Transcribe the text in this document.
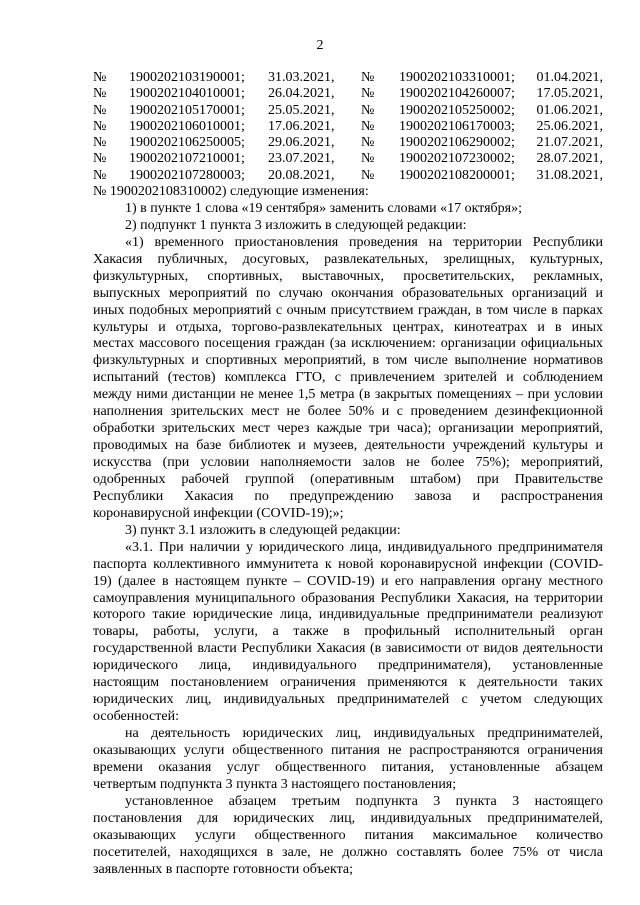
2
№ 1900202103190001; 31.03.2021, № 1900202103310001; 01.04.2021,
№ 1900202104010001; 26.04.2021, № 1900202104260007; 17.05.2021,
№ 1900202105170001; 25.05.2021, № 1900202105250002; 01.06.2021,
№ 1900202106010001; 17.06.2021, № 1900202106170003; 25.06.2021,
№ 1900202106250005; 29.06.2021, № 1900202106290002; 21.07.2021,
№ 1900202107210001; 23.07.2021, № 1900202107230002; 28.07.2021,
№ 1900202107280003; 20.08.2021, № 1900202108200001; 31.08.2021,
№ 1900202108310002) следующие изменения:
1) в пункте 1 слова «19 сентября» заменить словами «17 октября»;
2) подпункт 1 пункта 3 изложить в следующей редакции:
«1) временного приостановления проведения на территории Республики
Хакасия публичных, досуговых, развлекательных, зрелищных, культурных,
физкультурных, спортивных, выставочных, просветительских, рекламных,
выпускных мероприятий по случаю окончания образовательных организаций и
иных подобных мероприятий с очным присутствием граждан, в том числе в парках
культуры и отдыха, торгово-развлекательных центрах, кинотеатрах и в иных
местах массового посещения граждан (за исключением: организации официальных
физкультурных и спортивных мероприятий, в том числе выполнение нормативов
испытаний (тестов) комплекса ГТО, с привлечением зрителей и соблюдением
между ними дистанции не менее 1,5 метра (в закрытых помещениях – при условии
наполнения зрительских мест не более 50% и с проведением дезинфекционной
обработки зрительских мест через каждые три часа); организации мероприятий,
проводимых на базе библиотек и музеев, деятельности учреждений культуры и
искусства (при условии наполняемости залов не более 75%); мероприятий,
одобренных рабочей группой (оперативным штабом) при Правительстве
Республики Хакасия по предупреждению завоза и распространения
коронавирусной инфекции (COVID-19);»;
3) пункт 3.1 изложить в следующей редакции:
«3.1. При наличии у юридического лица, индивидуального предпринимателя
паспорта коллективного иммунитета к новой коронавирусной инфекции (COVID-
19) (далее в настоящем пункте – COVID-19) и его направления органу местного
самоуправления муниципального образования Республики Хакасия, на территории
которого такие юридические лица, индивидуальные предприниматели реализуют
товары, работы, услуги, а также в профильный исполнительный орган
государственной власти Республики Хакасия (в зависимости от видов деятельности
юридического лица, индивидуального предпринимателя), установленные
настоящим постановлением ограничения применяются к деятельности таких
юридических лиц, индивидуальных предпринимателей с учетом следующих
особенностей:
на деятельность юридических лиц, индивидуальных предпринимателей,
оказывающих услуги общественного питания не распространяются ограничения
времени оказания услуг общественного питания, установленные абзацем
четвертым подпункта 3 пункта 3 настоящего постановления;
установленное абзацем третьим подпункта 3 пункта 3 настоящего
постановления для юридических лиц, индивидуальных предпринимателей,
оказывающих услуги общественного питания максимальное количество
посетителей, находящихся в зале, не должно составлять более 75% от числа
заявленных в паспорте готовности объекта;
